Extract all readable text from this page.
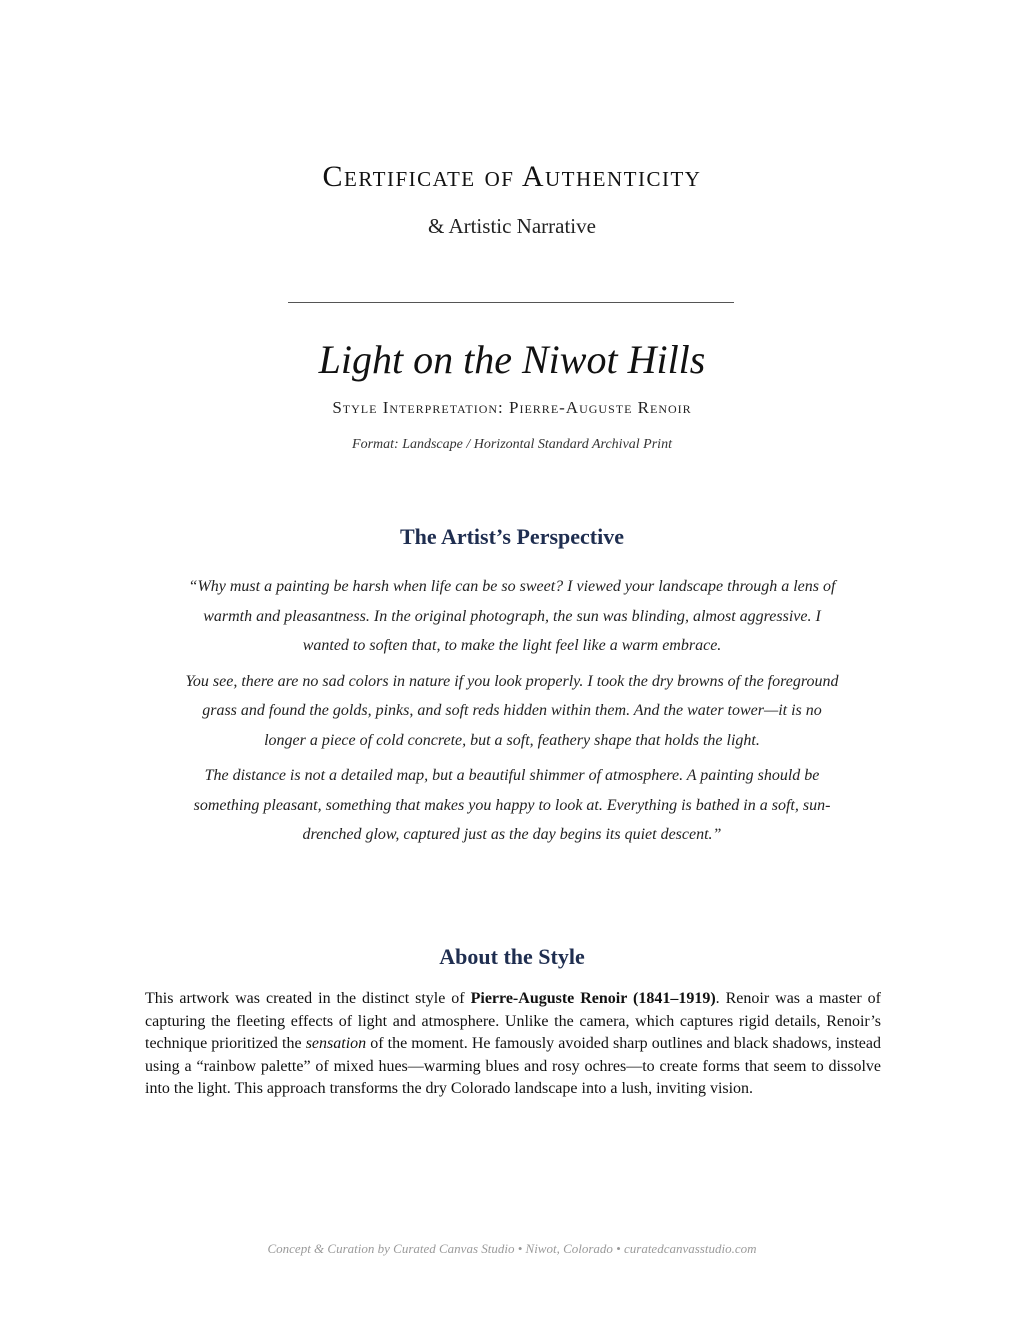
Certificate of Authenticity
& Artistic Narrative
Light on the Niwot Hills
Style Interpretation: Pierre-Auguste Renoir
Format: Landscape / Horizontal Standard Archival Print
The Artist’s Perspective

“Why must a painting be harsh when life can be so sweet? I viewed your landscape through a lens of warmth and pleasantness. In the original photograph, the sun was blinding, almost aggressive. I wanted to soften that, to make the light feel like a warm embrace.

You see, there are no sad colors in nature if you look properly. I took the dry browns of the foreground grass and found the golds, pinks, and soft reds hidden within them. And the water tower—it is no longer a piece of cold concrete, but a soft, feathery shape that holds the light.

The distance is not a detailed map, but a beautiful shimmer of atmosphere. A painting should be something pleasant, something that makes you happy to look at. Everything is bathed in a soft, sun-drenched glow, captured just as the day begins its quiet descent.”

About the Style
This artwork was created in the distinct style of Pierre-Auguste Renoir (1841–1919). Renoir was a master of capturing the fleeting effects of light and atmosphere. Unlike the camera, which captures rigid details, Renoir’s technique prioritized the sensation of the moment. He famously avoided sharp outlines and black shadows, instead using a “rainbow palette” of mixed hues—warming blues and rosy ochres—to create forms that seem to dissolve into the light. This approach transforms the dry Colorado landscape into a lush, inviting vision.
Concept & Curation by Curated Canvas Studio • Niwot, Colorado • curatedcanvasstudio.com
